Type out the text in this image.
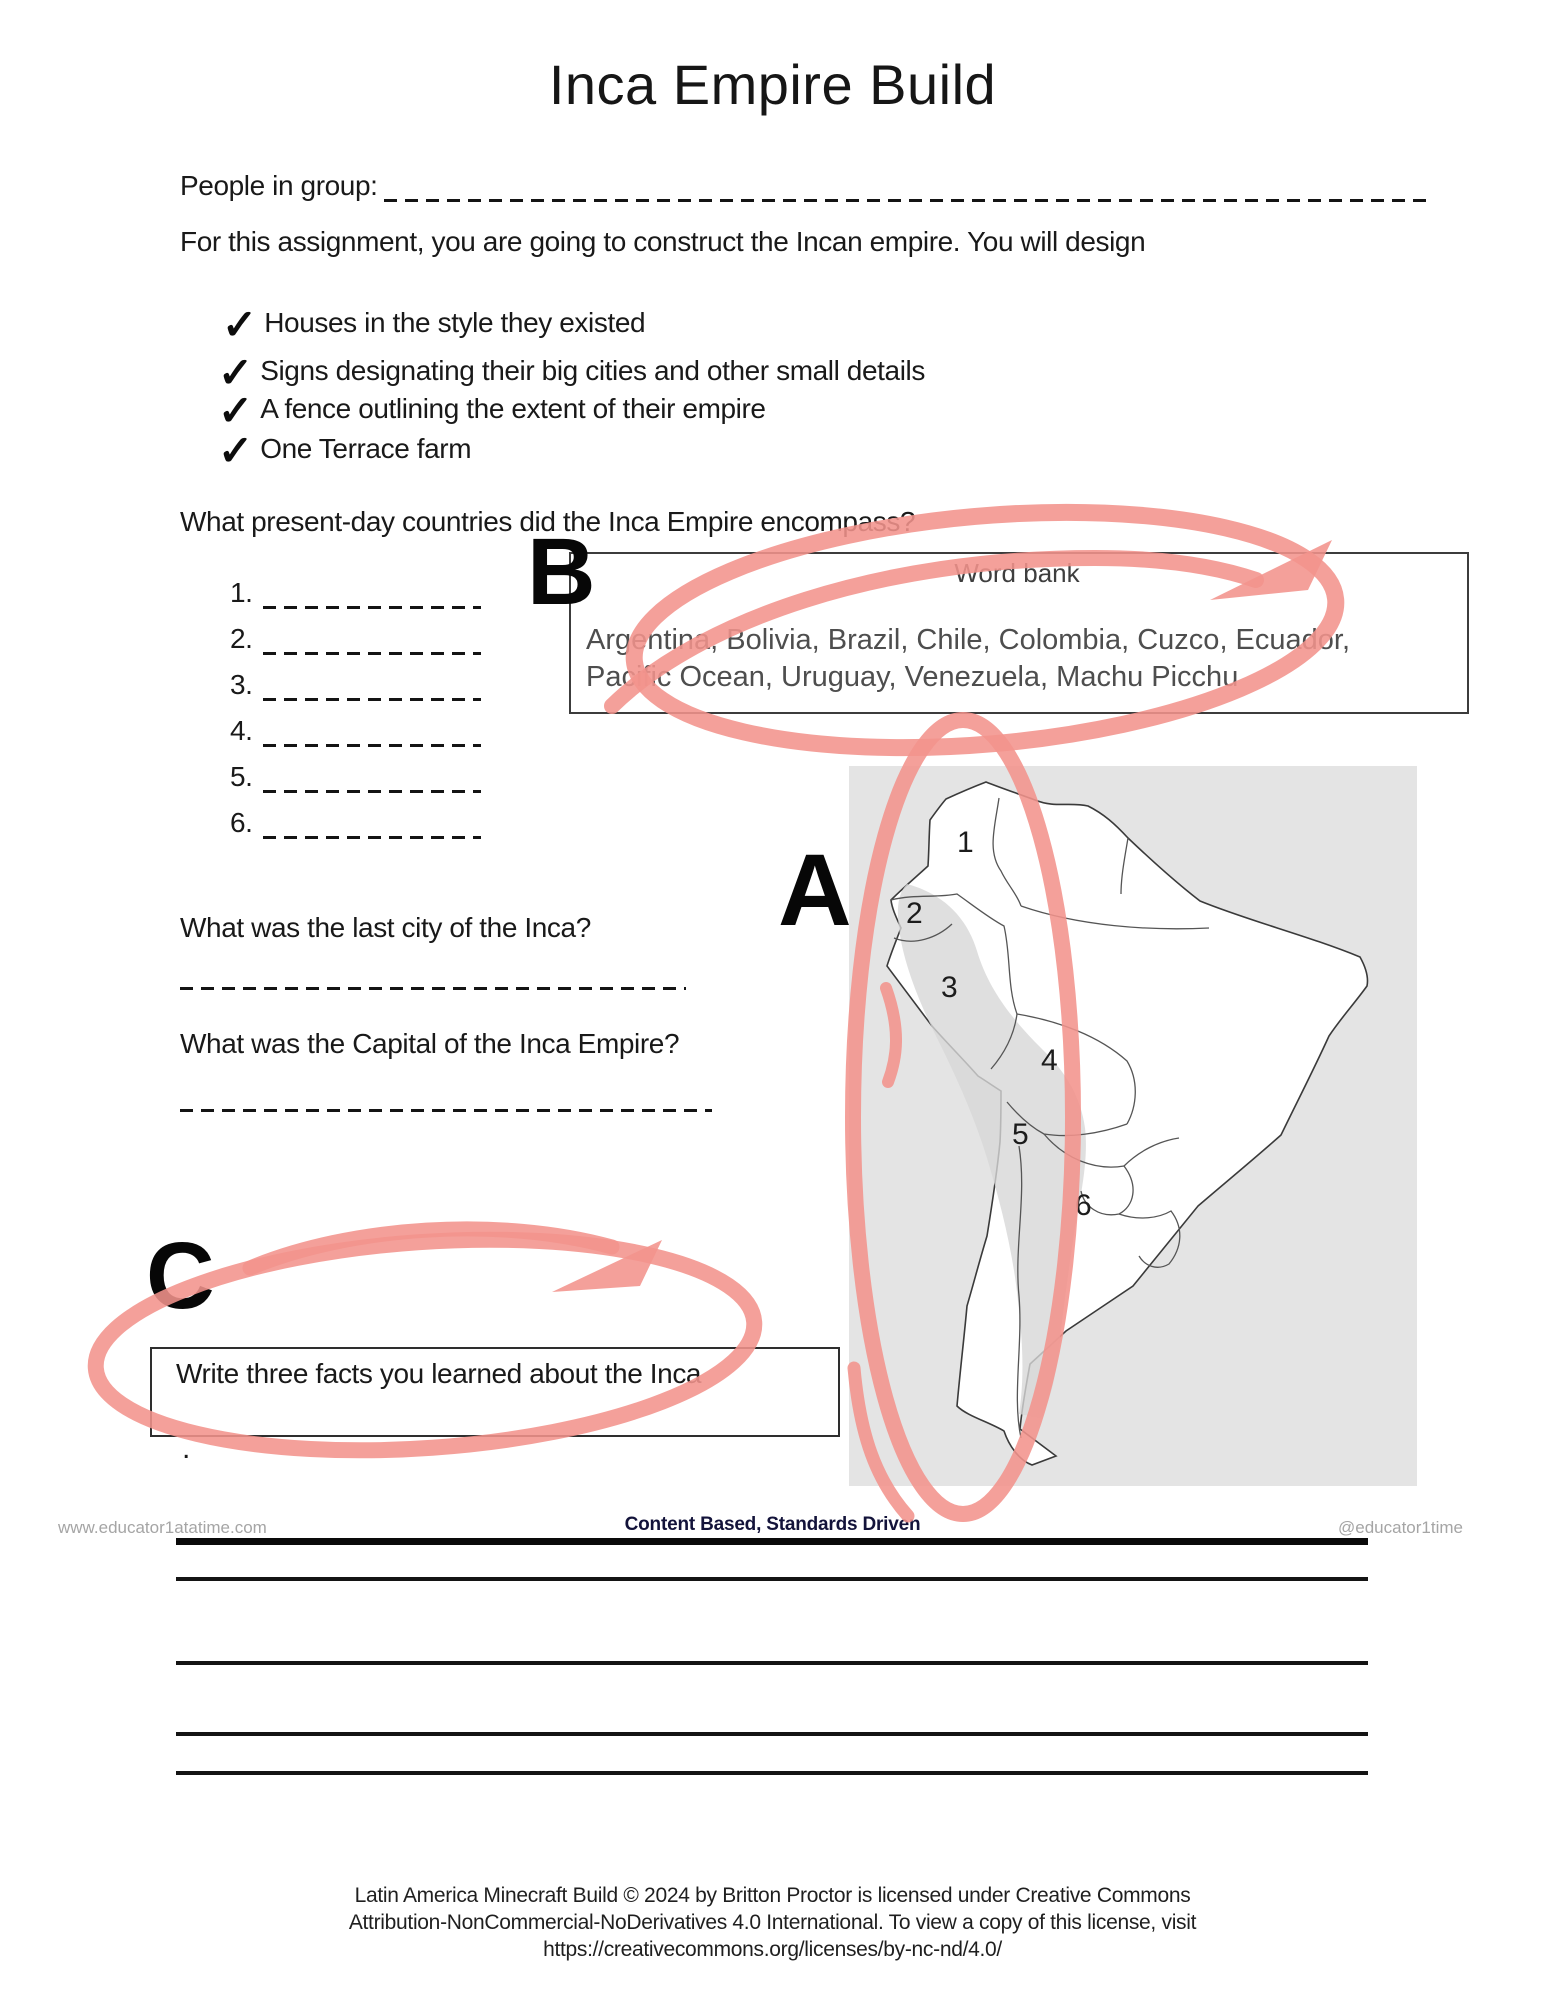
Inca Empire Build
People in group:
For this assignment, you are going to construct the Incan empire. You will design
✓ Houses in the style they existed
✓ Signs designating their big cities and other small details
✓ A fence outlining the extent of their empire
✓ One Terrace farm
What present-day countries did the Inca Empire encompass?
1.
2.
3.
4.
5.
6.
Word bank
Argentina, Bolivia, Brazil, Chile, Colombia, Cuzco, Ecuador,
Pacific Ocean, Uruguay, Venezuela, Machu Picchu
B
A
C
1
2
3
4
5
6
What was the last city of the Inca?
What was the Capital of the Inca Empire?
Write three facts you learned about the Inca
.
www.educator1atatime.com	Content Based, Standards Driven	@educator1time
Latin America Minecraft Build © 2024 by Britton Proctor is licensed under Creative Commons
Attribution-NonCommercial-NoDerivatives 4.0 International. To view a copy of this license, visit
https://creativecommons.org/licenses/by-nc-nd/4.0/
